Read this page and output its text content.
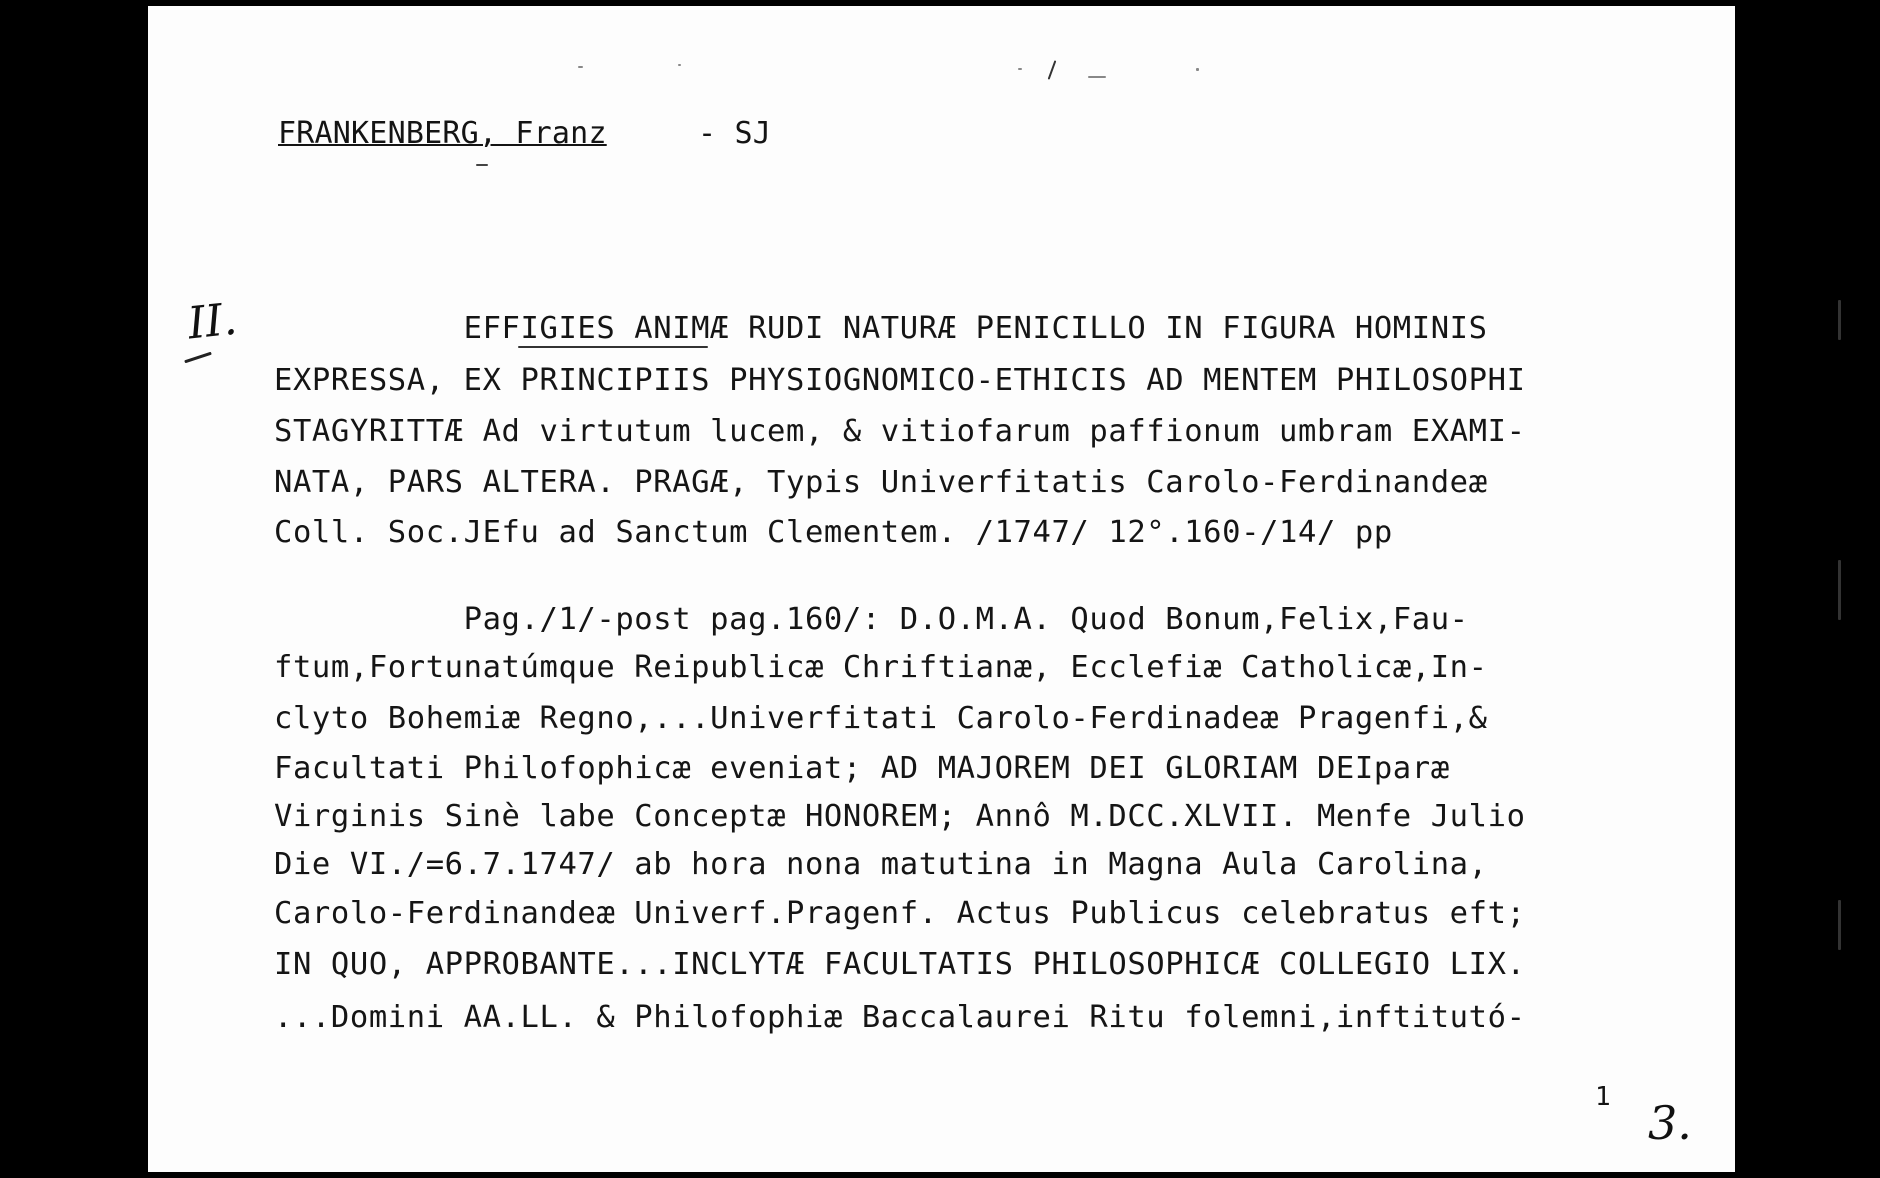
FRANKENBERG, Franz	- SJ
II. EFFIGIES ANIMÆ RUDI NATURÆ PENICILLO IN FIGURA HOMINIS
EXPRESSA, EX PRINCIPIIS PHYSIOGNOMICO-ETHICIS AD MENTEM PHILOSOPHI
STAGYRITTÆ Ad virtutum lucem, & vitiofarum paffionum umbram EXAMI-
NATA, PARS ALTERA. PRAGÆ, Typis Univerfitatis Carolo-Ferdinandeæ
Coll. Soc.JEfu ad Sanctum Clementem. /1747/ 12°.160-/14/ pp
Pag./1/-post pag.160/: D.O.M.A. Quod Bonum,Felix,Fau-
ftum,Fortunatúmque Reipublicæ Chriftianæ, Ecclefiæ Catholicæ,In-
clyto Bohemiæ Regno,...Univerfitati Carolo-Ferdinadeæ Pragenfi,&
Facultati Philofophicæ eveniat; AD MAJOREM DEI GLORIAM DEIparæ
Virginis Sinè labe Conceptæ HONOREM; Annô M.DCC.XLVII. Menfe Julio
Die VI./=6.7.1747/ ab hora nona matutina in Magna Aula Carolina,
Carolo-Ferdinandeæ Univerf.Pragenf. Actus Publicus celebratus eft;
IN QUO, APPROBANTE...INCLYTÆ FACULTATIS PHILOSOPHICÆ COLLEGIO LIX.
...Domini AA.LL. & Philofophiæ Baccalaurei Ritu folemni,inftitutó-
1 3.
